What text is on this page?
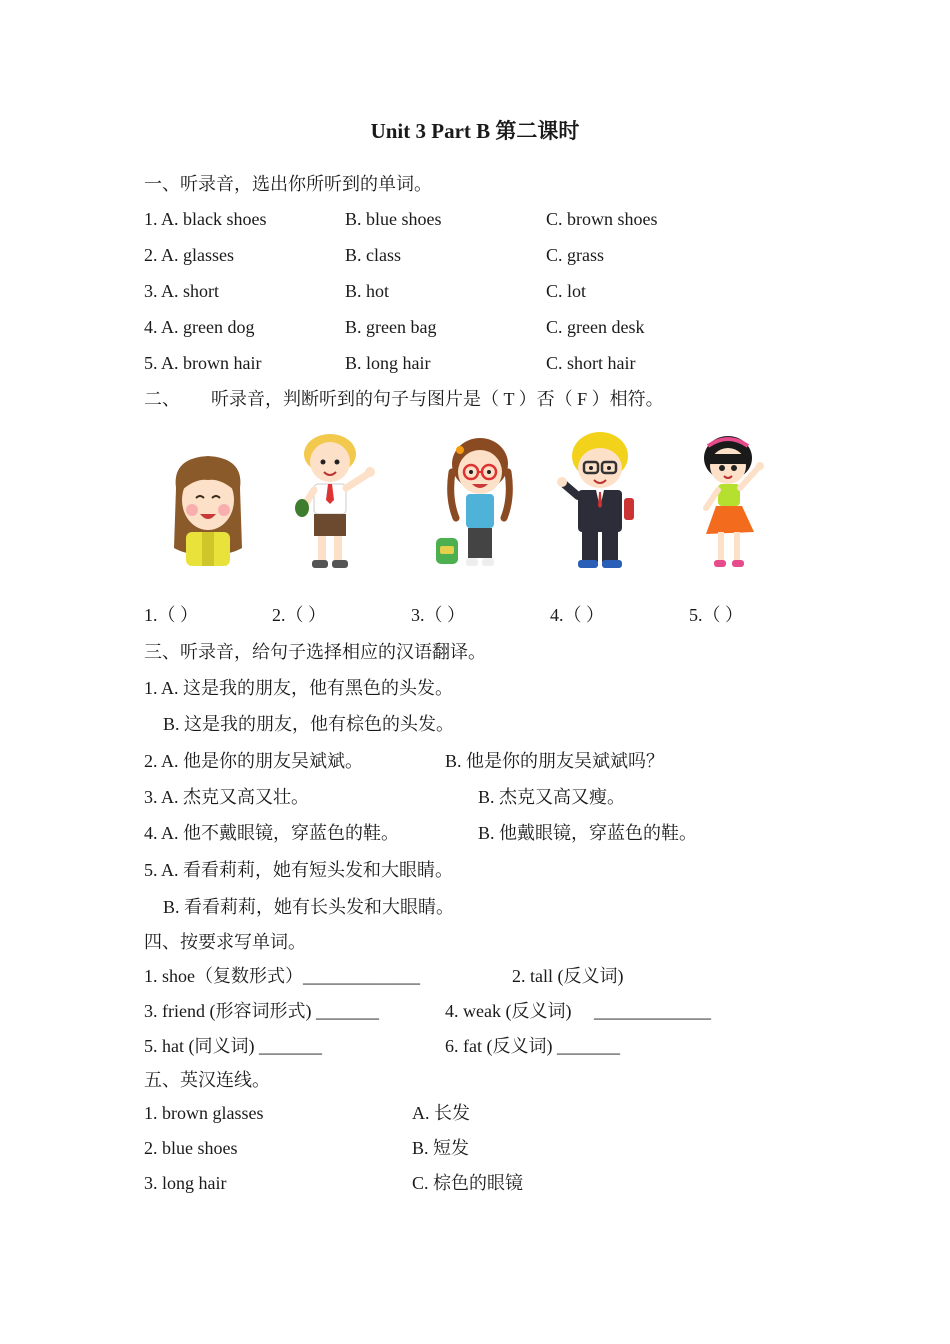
Unit 3 Part B 第二课时
一、听录音，选出你所听到的单词。
1. A. black shoes	B. blue shoes	C. brown shoes
2. A. glasses	B. class	C. grass
3. A. short	B. hot	C. lot
4. A. green dog	B. green bag	C. green desk
5. A. brown hair	B. long hair	C. short hair
二、 听录音，判断听到的句子与图片是（ T ）否（ F ）相符。
1.（ ）	2.（ ）	3.（ ）	4.（ ）	5.（ ）
三、听录音，给句子选择相应的汉语翻译。
1. A. 这是我的朋友，他有黑色的头发。
B. 这是我的朋友，他有棕色的头发。
2. A. 他是你的朋友吴斌斌。	B. 他是你的朋友吴斌斌吗？
3. A. 杰克又高又壮。	B. 杰克又高又瘦。
4. A. 他不戴眼镜，穿蓝色的鞋。	B. 他戴眼镜，穿蓝色的鞋。
5. A. 看看莉莉，她有短头发和大眼睛。
B. 看看莉莉，她有长头发和大眼睛。
四、按要求写单词。
1. shoe（复数形式）_____________	2. tall (反义词)
3. friend (形容词形式) _______	4. weak (反义词)     _____________
5. hat (同义词) _______	6. fat (反义词) _______
五、英汉连线。
1. brown glasses	A. 长发
2. blue shoes	B. 短发
3. long hair	C. 棕色的眼镜
